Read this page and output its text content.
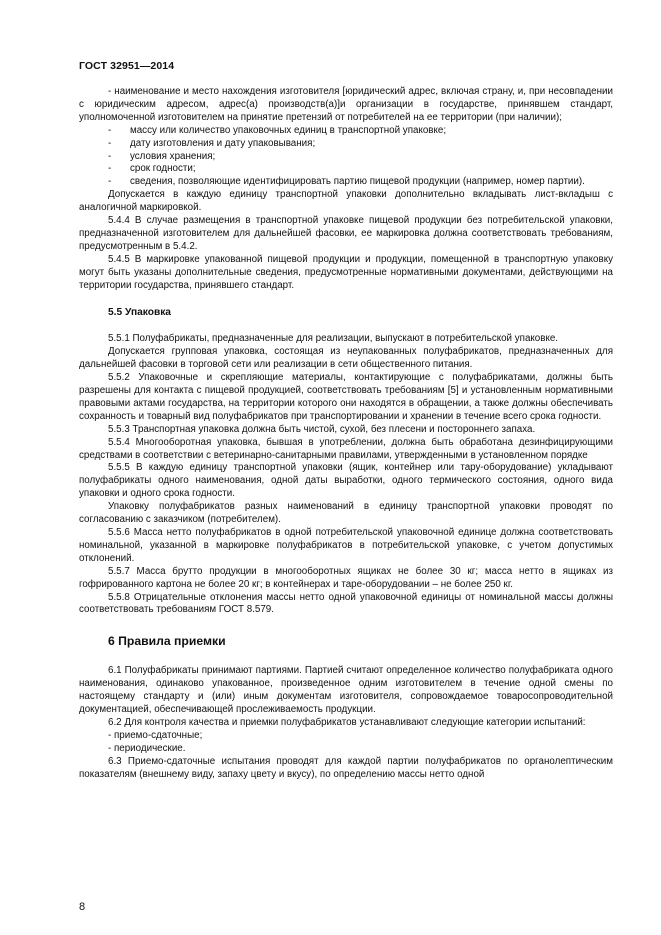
ГОСТ 32951—2014
- наименование и место нахождения изготовителя [юридический адрес, включая страну, и, при несовпадении с юридическим адресом, адрес(а) производств(а)]и организации в государстве, принявшем стандарт, уполномоченной изготовителем на принятие претензий от потребителей на ее территории (при наличии);
-	массу или количество упаковочных единиц в транспортной упаковке;
-	дату изготовления и дату упаковывания;
-	условия хранения;
-	срок годности;
-	сведения, позволяющие идентифицировать партию пищевой продукции (например, номер партии).
Допускается в каждую единицу транспортной упаковки дополнительно вкладывать лист-вкладыш с аналогичной маркировкой.
5.4.4 В случае размещения в транспортной упаковке пищевой продукции без потребительской упаковки, предназначенной изготовителем для дальнейшей фасовки, ее маркировка должна соответствовать требованиям, предусмотренным в 5.4.2.
5.4.5 В маркировке упакованной пищевой продукции и продукции, помещенной в транспортную упаковку могут быть указаны дополнительные сведения, предусмотренные нормативными документами, действующими на территории государства, принявшего стандарт.
5.5 Упаковка
5.5.1 Полуфабрикаты, предназначенные для реализации, выпускают в потребительской упаковке.
Допускается групповая упаковка, состоящая из неупакованных полуфабрикатов, предназначенных для дальнейшей фасовки в торговой сети или реализации в сети общественного питания.
5.5.2 Упаковочные и скрепляющие материалы, контактирующие с полуфабрикатами, должны быть разрешены для контакта с пищевой продукцией, соответствовать требованиям [5] и установленным нормативными правовыми актами государства, на территории которого они находятся в обращении, а также должны обеспечивать сохранность и товарный вид полуфабрикатов при транспортировании и хранении в течение всего срока годности.
5.5.3 Транспортная упаковка должна быть чистой, сухой, без плесени и постороннего запаха.
5.5.4 Многооборотная упаковка, бывшая в употреблении, должна быть обработана дезинфицирующими средствами в соответствии с ветеринарно-санитарными правилами, утвержденными в установленном порядке
5.5.5 В каждую единицу транспортной упаковки (ящик, контейнер или тару-оборудование) укладывают полуфабрикаты одного наименования, одной даты выработки, одного термического состояния, одного вида упаковки и одного срока годности.
Упаковку полуфабрикатов разных наименований в единицу транспортной упаковки проводят по согласованию с заказчиком (потребителем).
5.5.6 Масса нетто полуфабрикатов в одной потребительской упаковочной единице должна соответствовать номинальной, указанной в маркировке полуфабрикатов в потребительской упаковке, с учетом допустимых отклонений.
5.5.7 Масса брутто продукции в многооборотных ящиках не более 30 кг; масса нетто в ящиках из гофрированного картона не более 20 кг; в контейнерах и таре-оборудовании – не более 250 кг.
5.5.8 Отрицательные отклонения массы нетто одной упаковочной единицы от номинальной массы должны соответствовать требованиям ГОСТ 8.579.
6 Правила приемки
6.1 Полуфабрикаты принимают партиями. Партией считают определенное количество полуфабриката одного наименования, одинаково упакованное, произведенное одним изготовителем в течение одной смены по настоящему стандарту и (или) иным документам изготовителя, сопровождаемое товаросопроводительной документацией, обеспечивающей прослеживаемость продукции.
6.2 Для контроля качества и приемки полуфабрикатов устанавливают следующие категории испытаний:
- приемо-сдаточные;
- периодические.
6.3 Приемо-сдаточные испытания проводят для каждой партии полуфабрикатов по органолептическим показателям (внешнему виду, запаху цвету и вкусу), по определению массы нетто одной
8
